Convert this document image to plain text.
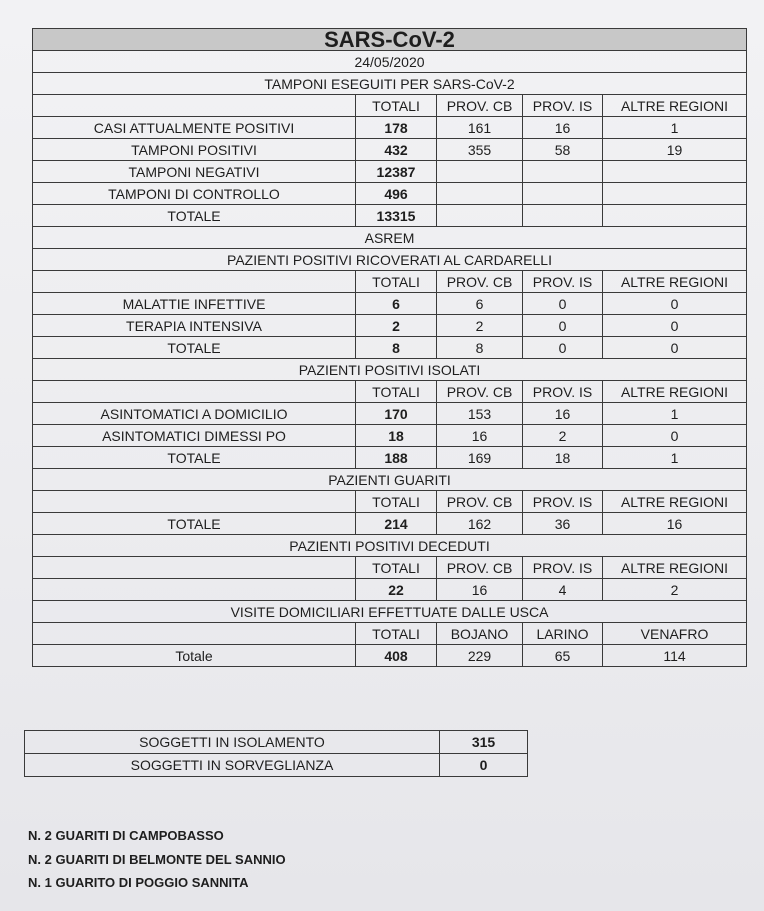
SARS-CoV-2				
24/05/2020				
TAMPONI ESEGUITI PER SARS-CoV-2				
	TOTALI	PROV. CB	PROV. IS	ALTRE REGIONI
CASI ATTUALMENTE POSITIVI	178	161	16	1
TAMPONI POSITIVI	432	355	58	19
TAMPONI NEGATIVI	12387			
TAMPONI DI CONTROLLO	496			
TOTALE	13315			
ASREM				
PAZIENTI POSITIVI RICOVERATI AL CARDARELLI				
	TOTALI	PROV. CB	PROV. IS	ALTRE REGIONI
MALATTIE INFETTIVE	6	6	0	0
TERAPIA INTENSIVA	2	2	0	0
TOTALE	8	8	0	0
PAZIENTI POSITIVI ISOLATI				
	TOTALI	PROV. CB	PROV. IS	ALTRE REGIONI
ASINTOMATICI A DOMICILIO	170	153	16	1
ASINTOMATICI DIMESSI PO	18	16	2	0
TOTALE	188	169	18	1
PAZIENTI GUARITI				
	TOTALI	PROV. CB	PROV. IS	ALTRE REGIONI
TOTALE	214	162	36	16
PAZIENTI POSITIVI DECEDUTI				
	TOTALI	PROV. CB	PROV. IS	ALTRE REGIONI
	22	16	4	2
VISITE DOMICILIARI EFFETTUATE DALLE USCA				
	TOTALI	BOJANO	LARINO	VENAFRO
Totale	408	229	65	114
SOGGETTI IN ISOLAMENTO	315
SOGGETTI IN SORVEGLIANZA	0
N. 2 GUARITI DI CAMPOBASSO
N. 2 GUARITI DI BELMONTE DEL SANNIO
N. 1 GUARITO DI POGGIO SANNITA
